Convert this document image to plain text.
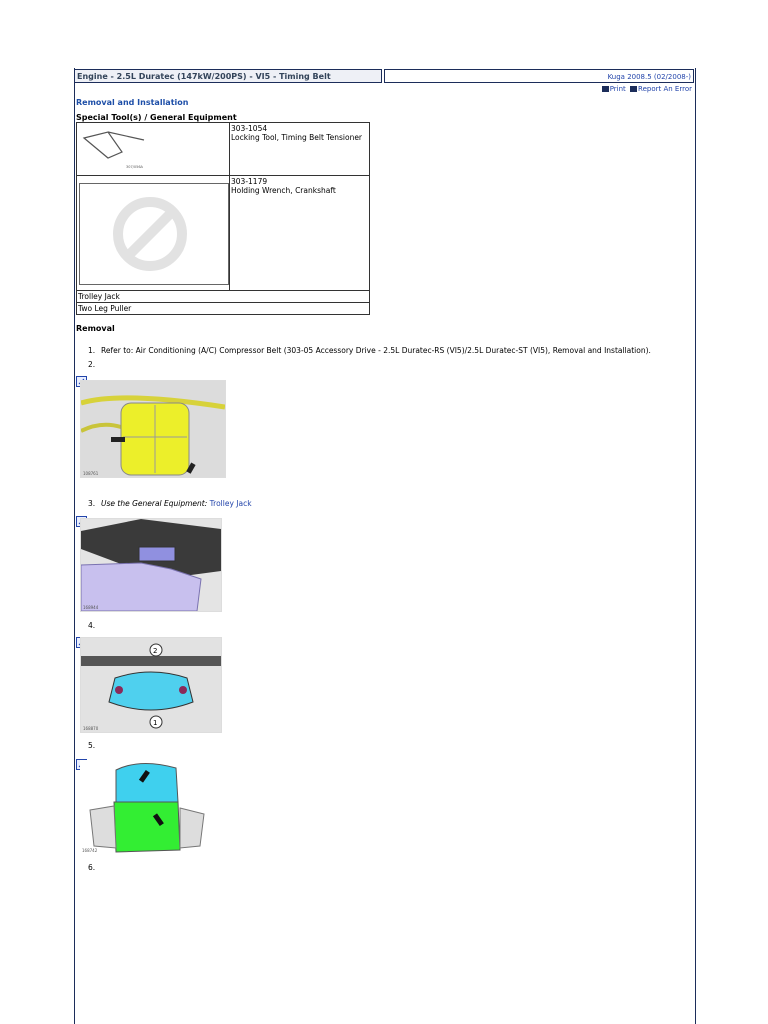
Engine - 2.5L Duratec (147kW/200PS) - VI5 - Timing Belt	Kuga 2008.5 (02/2008-)
Print Report An Error
Removal and Installation
Special Tool(s) / General Equipment
307/056A	303-1054
Locking Tool, Timing Belt Tensioner

303-1179
Holding Wrench, Crankshaft

Trolley Jack	
Two Leg Puller	
Removal
1. Refer to: Air Conditioning (A/C) Compressor Belt (303-05 Accessory Drive - 2.5L Duratec-RS (VI5)/2.5L Duratec-ST (VI5), Removal and Installation).
2.
108761
3. Use the General Equipment: Trolley Jack
168944
4.
2
1
168870
5.
168742
6.
